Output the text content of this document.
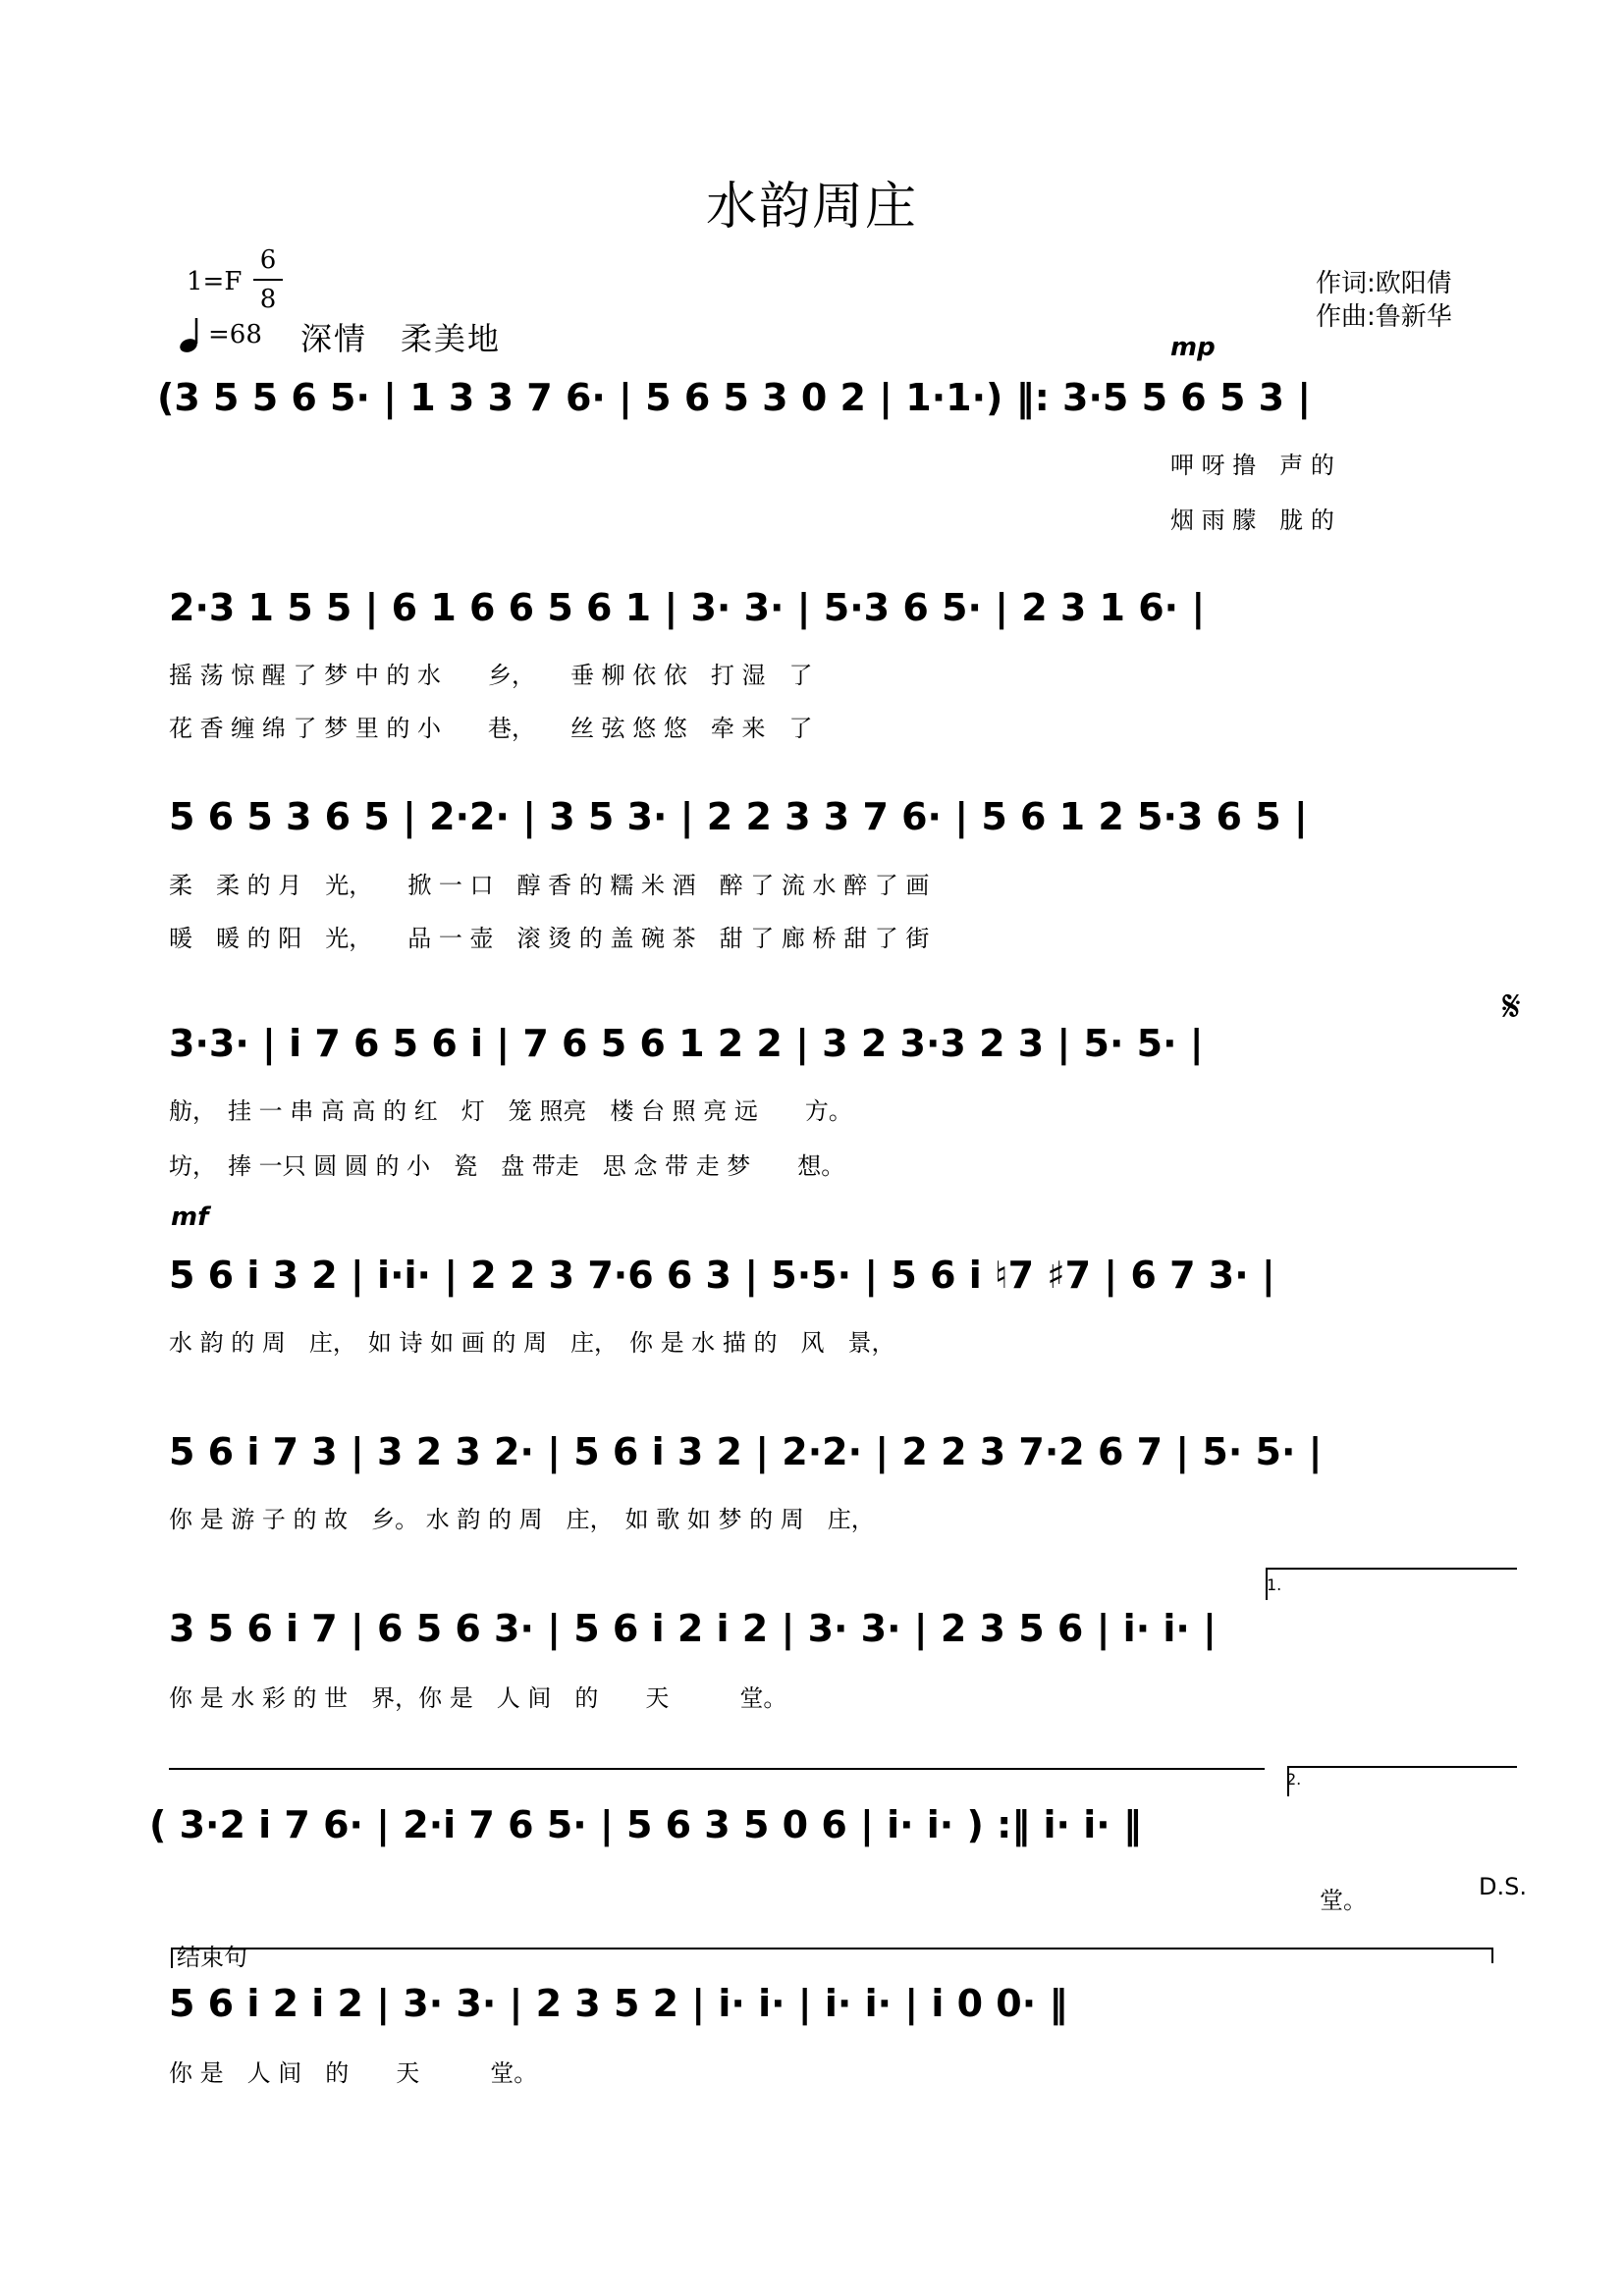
水韵周庄
1=F
6
8
=68 深情　柔美地
作词:欧阳倩
作曲:鲁新华
mp
mf
𝄋
D.S.
1.
2.
结束句
(3 5 5 6 5· | 1 3 3 7 6· | 5 6 5 3 0 2 | 1·1·) ‖: 3·5 5 6 5 3 |
2·3 1 5 5 | 6 1 6 6 5 6 1 | 3· 3· | 5·3 6 5· | 2 3 1 6· |
5 6 5 3 6 5 | 2·2· | 3 5 3· | 2 2 3 3 7 6· | 5 6 1 2 5·3 6 5 |
3·3· | i 7 6 5 6 i | 7 6 5 6 1 2 2 | 3 2 3·3 2 3 | 5· 5· |
5 6 i 3 2 | i·i· | 2 2 3 7·6 6 3 | 5·5· | 5 6 i ♮7 ♯7 | 6 7 3· |
5 6 i 7 3 | 3 2 3 2· | 5 6 i 3 2 | 2·2· | 2 2 3 7·2 6 7 | 5· 5· |
3 5 6 i 7 | 6 5 6 3· | 5 6 i 2 i 2 | 3· 3· | 2 3 5 6 | i· i· |
( 3·2 i 7 6· | 2·i 7 6 5· | 5 6 3 5 0 6 | i· i· ) :‖ i· i· ‖
5 6 i 2 i 2 | 3· 3· | 2 3 5 2 | i· i· | i· i· | i 0 0· ‖
呷 呀 撸　声 的
烟 雨 朦　胧 的
摇 荡 惊 醒 了 梦 中 的 水　　乡，　　垂 柳 依 依　打 湿　了
花 香 缠 绵 了 梦 里 的 小　　巷，　　丝 弦 悠 悠　牵 来　了
柔　柔 的 月　光，　　掀 一 口　醇 香 的 糯 米 酒　醉 了 流 水 醉 了 画
暖　暖 的 阳　光，　　品 一 壶　滚 烫 的 盖 碗 茶　甜 了 廊 桥 甜 了 街
舫，　挂 一 串 高 高 的 红　灯　笼 照亮　楼 台 照 亮 远　　方。
坊，　捧 一只 圆 圆 的 小　瓷　盘 带走　思 念 带 走 梦　　想。
水 韵 的 周　庄，　如 诗 如 画 的 周　庄，　你 是 水 描 的　风　景，
你 是 游 子 的 故　乡。 水 韵 的 周　庄，　如 歌 如 梦 的 周　庄，
你 是 水 彩 的 世　界，你 是　人 间　的　　天　　　堂。
堂。
你 是　人 间　的　　天　　　堂。
